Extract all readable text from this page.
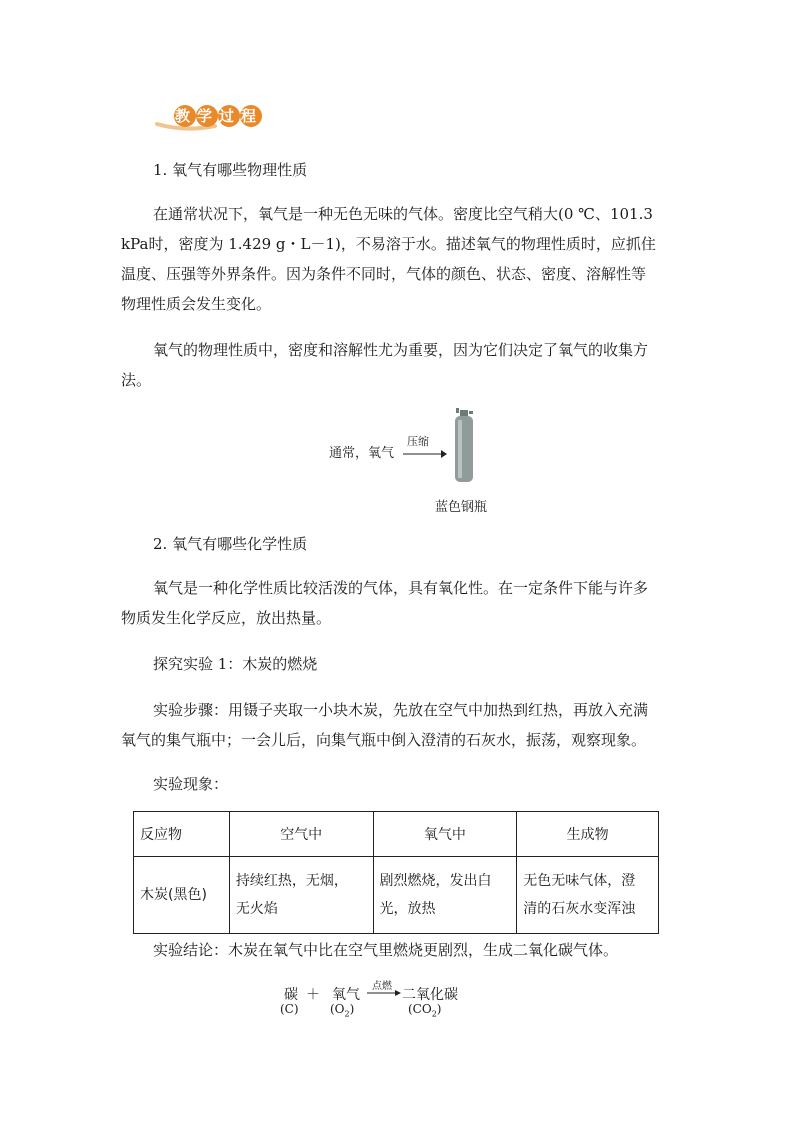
教学过程
1. 氧气有哪些物理性质
在通常状况下，氧气是一种无色无味的气体。密度比空气稍大(0 ℃、101.3
kPa时，密度为 1.429 g・L－1)，不易溶于水。描述氧气的物理性质时，应抓住
温度、压强等外界条件。因为条件不同时，气体的颜色、状态、密度、溶解性等
物理性质会发生变化。
氧气的物理性质中，密度和溶解性尤为重要，因为它们决定了氧气的收集方
法。
通常，氧气
压缩
蓝色钢瓶
2. 氧气有哪些化学性质
氧气是一种化学性质比较活泼的气体，具有氧化性。在一定条件下能与许多
物质发生化学反应，放出热量。
探究实验 1：木炭的燃烧
实验步骤：用镊子夹取一小块木炭，先放在空气中加热到红热，再放入充满
氧气的集气瓶中；一会儿后，向集气瓶中倒入澄清的石灰水，振荡，观察现象。
实验现象：
反应物	空气中	氧气中	生成物
木炭(黑色)	持续红热，无烟，
无火焰	剧烈燃烧，发出白
光，放热	无色无味气体，澄
清的石灰水变浑浊
实验结论：木炭在氧气中比在空气里燃烧更剧烈，生成二氧化碳气体。
碳 ＋ 氧气
点燃
→ 二氧化碳
(C)	$(O_2)$	$(CO_2)$
